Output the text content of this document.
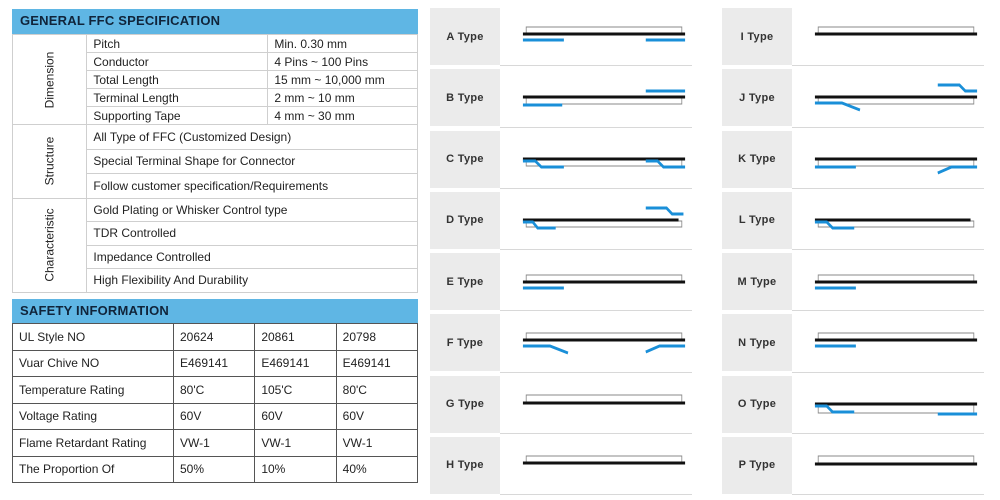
GENERAL FFC SPECIFICATION
Dimension	Pitch	Min. 0.30 mm
	Conductor	4 Pins ~ 100 Pins
	Total Length	15 mm ~ 10,000 mm
	Terminal Length	2 mm ~ 10 mm
	Supporting Tape	4 mm ~ 30 mm
Structure	All Type of FFC (Customized Design)	
	Special Terminal Shape for Connector	
	Follow customer specification/Requirements	
Characteristic	Gold Plating or Whisker Control type	
	TDR Controlled	
	Impedance Controlled	
	High Flexibility And Durability	
SAFETY INFORMATION
UL Style NO	20624	20861	20798
Vuar Chive NO	E469141	E469141	E469141
Temperature Rating	80'C	105'C	80'C
Voltage Rating	60V	60V	60V
Flame Retardant Rating	VW-1	VW-1	VW-1
The Proportion Of	50%	10%	40%
A Type
B Type
C Type
D Type
E Type
F Type
G Type
H Type
I Type
J Type
K Type
L Type
M Type
N Type
O Type
P Type
